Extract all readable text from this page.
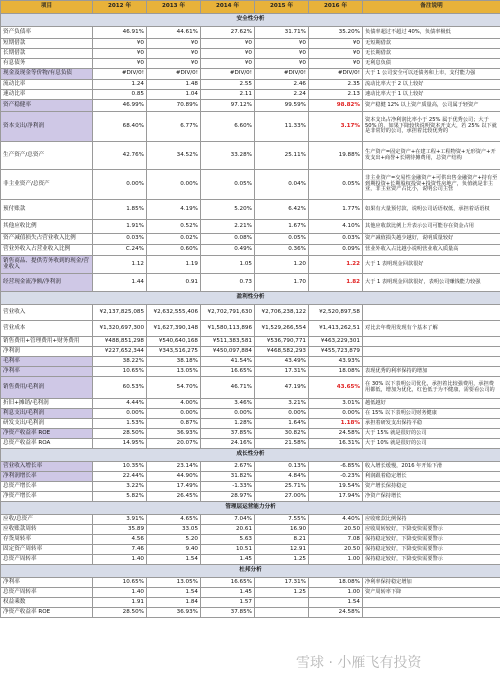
项目	2012 年	2013 年	2014 年	2015 年	2016 年	备注说明
安全性分析						
资产负债率	46.91%	44.61%	27.62%	31.71%	35.20%	负债率超过不超过 40%，负债率极低
短期借款	¥0	¥0	¥0	¥0	¥0	无短期借款
长期借款	¥0	¥0	¥0	¥0	¥0	无长期借款
有息债务	¥0	¥0	¥0	¥0	¥0	无利息负债
现金及现金等价物/有息负债	#DIV/0!	#DIV/0!	#DIV/0!	#DIV/0!	#DIV/0!	大于 1 公司安全可以还债务和上市，支付能力强
流动比率	1.24	1.48	2.55	2.46	2.35	流动比率大于 2 以上较好
速动比率	0.85	1.04	2.11	2.24	2.13	速动比率大于 1 以上较好
资产稳健率	46.99%	70.89%	97.12%	99.59%	98.82%	资产稳健 12% 以上资产质量高，公司属于轻资产
资本支出/净利润	68.40%	6.77%	6.60%	11.33%	3.17%	资本支出占净利润比率小于 25% 属于优秀公司；大于 50% 的，如果下降较快说明资本开支大，若 25% 以下就是非常好的公司，承担着比较优秀的
生产资产/总资产	42.76%	34.52%	33.28%	25.11%	19.88%	生产资产=固定资产+在建工程+工程物资+无形资产+开发支出+商誉+长期待摊费用，总资产结构
非主业资产/总资产	0.00%	0.00%	0.05%	0.04%	0.05%	非主业资产=交易性金融资产+可供出售金融资产+持有至到期投资+长期股权投资+投资性房地产，负值就是非主业，非主业资产占比小，说明公司主营
预付账款	1.85%	4.19%	5.20%	6.42%	1.77%	如果有大量预付款，说明公司话语权低，承担着话语权
其他应收比例	1.91%	0.52%	2.21%	1.67%	4.10%	其他应收款比例上升表示公司可能存在资金占用
资产减值损失占营业收入比例	0.03%	0.02%	0.08%	0.05%	0.03%	资产减值损失越少越好，说明质量较好
营业外收入占营业收入比例	C.24%	0.60%	0.49%	0.36%	0.09%	营业外收入占比越小说明营业收入质量高
销售商品、提供劳务收到的现金/营业收入	1.12	1.19	1.05	1.20	1.22	大于 1 表明现金回款很好
经营现金流净额/净利润	1.44	0.91	0.73	1.70	1.82	大于 1 表明现金回款很好，表明公司赚钱能力较强
盈利性分析						
营业收入	¥2,137,825,085	¥2,632,555,406	¥2,702,791,630	¥2,706,238,122	¥2,520,897,58	
营业成本	¥1,320,697,300	¥1,627,390,148	¥1,580,113,896	¥1,529,266,554	¥1,413,262,51	对比去年费用发现有个基本了解
销售费用+管理费用+财务费用	¥488,851,298	¥540,640,168	¥511,383,581	¥536,790,771	¥463,229,301	
净利润	¥227,652,344	¥343,516,275	¥450,097,884	¥468,582,293	¥455,723,879	
毛利率	38.22%	38.18%	41.54%	43.49%	43.93%	
净利率	10.65%	13.05%	16.65%	17.31%	18.08%	表现优秀的利率保持的增加
销售费用/毛利润	60.53%	54.70%	46.71%	47.19%	43.65%	在 30% 以下表明公司优化，承担着比较强费用，承担费用都低，增加为优化，红色低于为不健康，需要看公司的
折旧+摊销/毛利润	4.44%	4.00%	3.46%	3.21%	3.01%	越低越好
利息支出/毛利润	0.00%	0.00%	0.00%	0.00%	0.00%	在 15% 以下表明公司财务健康
研发支出/毛利润	1.53%	0.87%	1.28%	1.64%	1.18%	承担着研发支出保持平稳
净资产收益率 ROE	28.50%	36.93%	37.85%	30.82%	24.58%	大于 15% 就是很好的公司
总资产收益率 ROA	14.95%	20.07%	24.16%	21.58%	16.31%	大于 10% 就是很好的公司
成长性分析						
营业收入增长率	10.35%	23.14%	2.67%	0.13%	-6.85%	收入增长缓慢，2016 年开始下滑
净利润增长率	22.44%	44.90%	31.82%	4.84%	-0.23%	利润跟着稳定增长
总资产增长率	3.22%	17.49%	-1.33%	25.71%	19.54%	资产增长保持稳定
净资产增长率	5.82%	26.45%	28.97%	27.00%	17.94%	净资产保持增长
管理层运营能力分析						
应收/总资产	3.91%	4.65%	7.04%	7.55%	4.40%	应收账款比例保持
应收账款周转	35.89	33.05	20.61	16.90	20.50	应收周转较好，下降变快需要警示
存货周转率	4.56	5.20	5.63	8.21	7.08	保持稳定较好，下降变快需要警示
固定资产周转率	7.46	9.40	10.51	12.91	20.50	保持稳定较好，下降变快需要警示
总资产周转率	1.40	1.54	1.45	1.25	1.00	保持稳定较好，下降变快需要警示
杜邦分析						
净利率	10.65%	13.05%	16.65%	17.31%	18.08%	净利率保持稳定增加
总资产周转率	1.40	1.54	1.45	1.25	1.00	资产周转率下降
权益乘数	1.91	1.84	1.57		1.54	
净资产收益率 ROE	28.50%	36.93%	37.85%		24.58%	
雪球 · 小雁飞有投资
